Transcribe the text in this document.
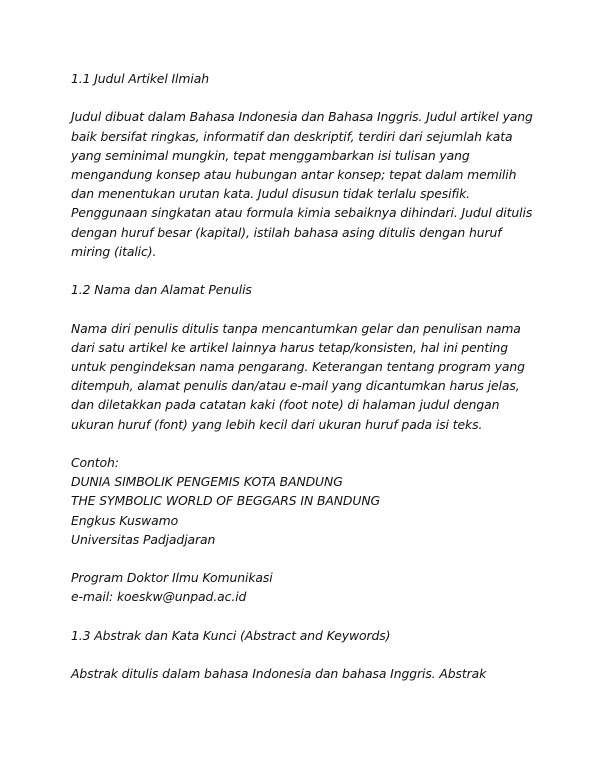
1.1 Judul Artikel Ilmiah

Judul dibuat dalam Bahasa Indonesia dan Bahasa Inggris. Judul artikel yang baik bersifat ringkas, informatif dan deskriptif, terdiri dari sejumlah kata yang seminimal mungkin, tepat menggambarkan isi tulisan yang mengandung konsep atau hubungan antar konsep; tepat dalam memilih dan menentukan urutan kata. Judul disusun tidak terlalu spesifik. Penggunaan singkatan atau formula kimia sebaiknya dihindari. Judul ditulis dengan huruf besar (kapital), istilah bahasa asing ditulis dengan huruf miring (italic).

1.2 Nama dan Alamat Penulis

Nama diri penulis ditulis tanpa mencantumkan gelar dan penulisan nama dari satu artikel ke artikel lainnya harus tetap/konsisten, hal ini penting untuk pengindeksan nama pengarang. Keterangan tentang program yang ditempuh, alamat penulis dan/atau e-mail yang dicantumkan harus jelas, dan diletakkan pada catatan kaki (foot note) di halaman judul dengan ukuran huruf (font) yang lebih kecil dari ukuran huruf pada isi teks.

Contoh:
DUNIA SIMBOLIK PENGEMIS KOTA BANDUNG
THE SYMBOLIC WORLD OF BEGGARS IN BANDUNG
Engkus Kuswamo
Universitas Padjadjaran
Program Doktor Ilmu Komunikasi
e-mail: koeskw@unpad.ac.id
1.3 Abstrak dan Kata Kunci (Abstract and Keywords)

Abstrak ditulis dalam bahasa Indonesia dan bahasa Inggris. Abstrak
